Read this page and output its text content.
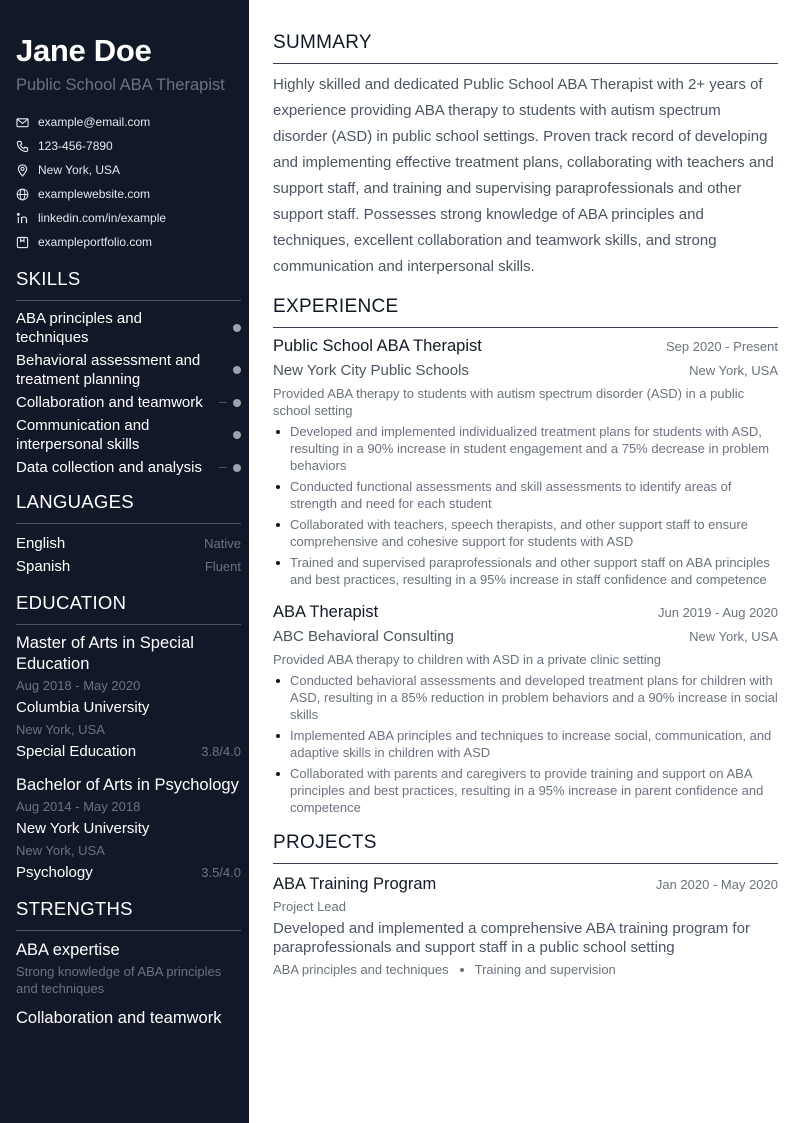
Jane Doe
Public School ABA Therapist
example@email.com
123-456-7890
New York, USA
examplewebsite.com
linkedin.com/in/example
exampleportfolio.com
SKILLS
ABA principles and techniques
Behavioral assessment and treatment planning
Collaboration and teamwork
Communication and interpersonal skills
Data collection and analysis
LANGUAGES
English	Native
Spanish	Fluent
EDUCATION
Master of Arts in Special Education
Aug 2018 - May 2020
Columbia University
New York, USA
Special Education	3.8/4.0
Bachelor of Arts in Psychology
Aug 2014 - May 2018
New York University
New York, USA
Psychology	3.5/4.0
STRENGTHS
ABA expertise
Strong knowledge of ABA principles and techniques
Collaboration and teamwork
SUMMARY

Highly skilled and dedicated Public School ABA Therapist with 2+ years of experience providing ABA therapy to students with autism spectrum disorder (ASD) in public school settings. Proven track record of developing and implementing effective treatment plans, collaborating with teachers and support staff, and training and supervising paraprofessionals and other support staff. Possesses strong knowledge of ABA principles and techniques, excellent collaboration and teamwork skills, and strong communication and interpersonal skills.

EXPERIENCE
Public School ABA Therapist	Sep 2020 - Present
New York City Public Schools	New York, USA
Provided ABA therapy to students with autism spectrum disorder (ASD) in a public school setting
Developed and implemented individualized treatment plans for students with ASD, resulting in a 90% increase in student engagement and a 75% decrease in problem behaviors
Conducted functional assessments and skill assessments to identify areas of strength and need for each student
Collaborated with teachers, speech therapists, and other support staff to ensure comprehensive and cohesive support for students with ASD
Trained and supervised paraprofessionals and other support staff on ABA principles and best practices, resulting in a 95% increase in staff confidence and competence
ABA Therapist	Jun 2019 - Aug 2020
ABC Behavioral Consulting	New York, USA
Provided ABA therapy to children with ASD in a private clinic setting
Conducted behavioral assessments and developed treatment plans for children with ASD, resulting in a 85% reduction in problem behaviors and a 90% increase in social skills
Implemented ABA principles and techniques to increase social, communication, and adaptive skills in children with ASD
Collaborated with parents and caregivers to provide training and support on ABA principles and best practices, resulting in a 95% increase in parent confidence and competence
PROJECTS
ABA Training Program	Jan 2020 - May 2020
Project Lead
Developed and implemented a comprehensive ABA training program for paraprofessionals and support staff in a public school setting
ABA principles and techniques Training and supervision
